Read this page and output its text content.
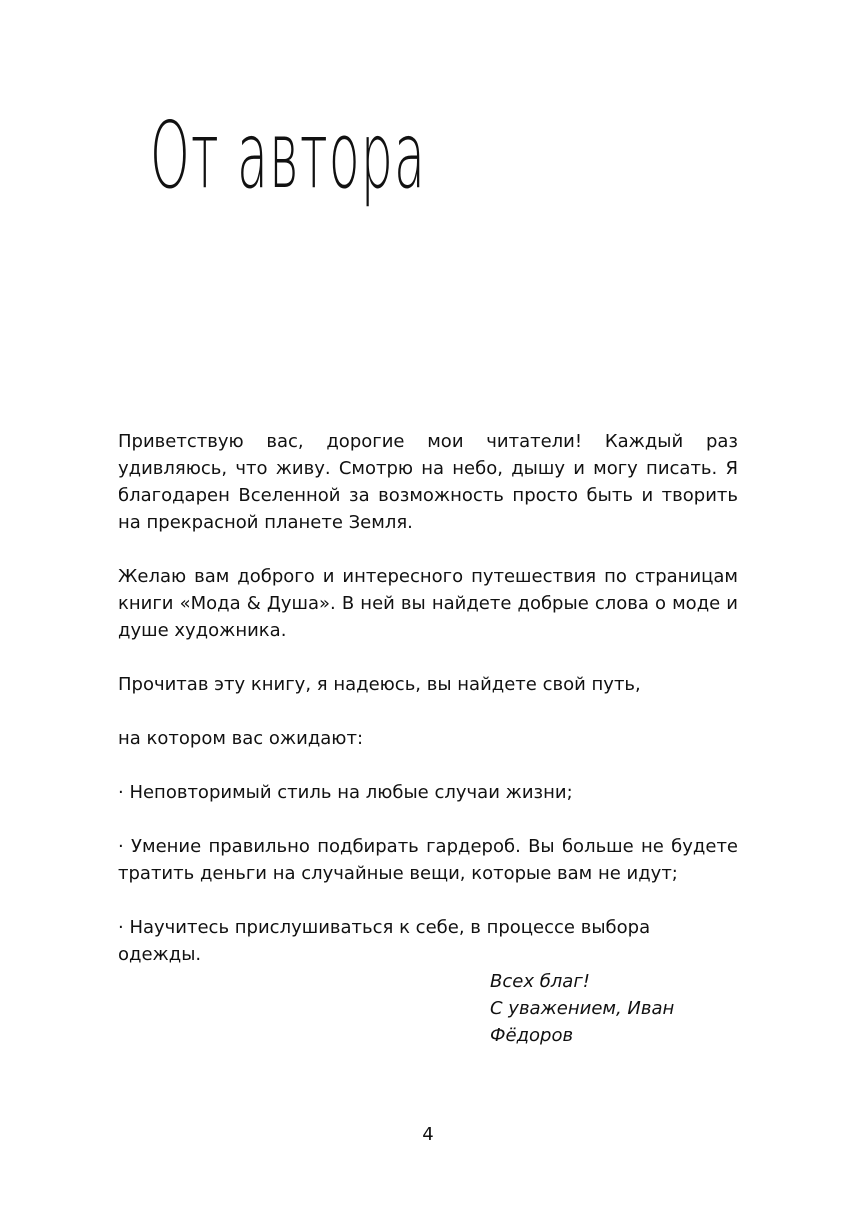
От автора

Приветствую вас, дорогие мои читатели! Каждый раз удивляюсь, что живу. Смотрю на небо, дышу и могу писать. Я благодарен Вселенной за возможность просто быть и творить на прекрасной планете Земля.

Желаю вам доброго и интересного путешествия по страницам книги «Мода & Душа». В ней вы найдете добрые слова о моде и душе художника.

Прочитав эту книгу, я надеюсь, вы найдете свой путь,

на котором вас ожидают:

· Неповторимый стиль на любые случаи жизни;

· Умение правильно подбирать гардероб. Вы больше не будете тратить деньги на случайные вещи, которые вам не идут;

· Научитесь прислушиваться к себе, в процессе выбора одежды.

Всех благ!
С уважением, Иван
Фёдоров
4
